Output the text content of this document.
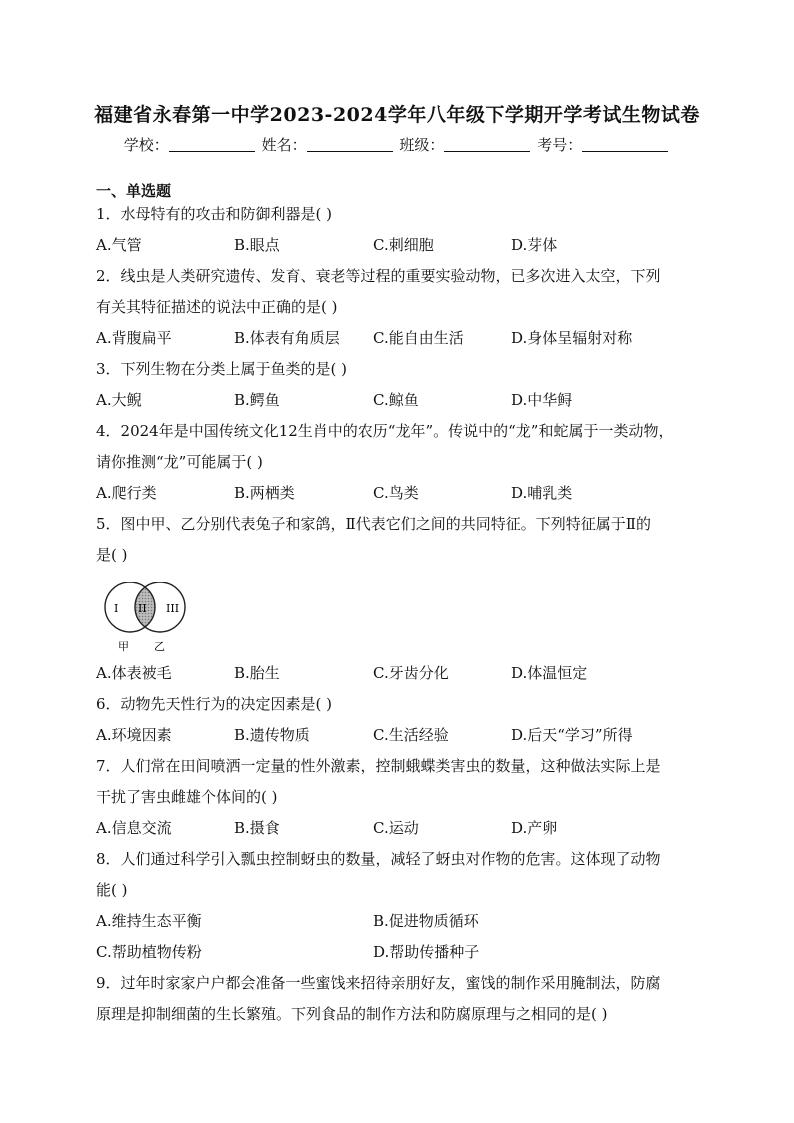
福建省永春第一中学2023-2024学年八年级下学期开学考试生物试卷
学校：	姓名：	班级：	考号：
一、单选题
1．水母特有的攻击和防御利器是( )
A.气管	B.眼点	C.刺细胞	D.芽体
2．线虫是人类研究遗传、发育、衰老等过程的重要实验动物，已多次进入太空，下列
有关其特征描述的说法中正确的是( )
A.背腹扁平	B.体表有角质层 C.能自由生活	D.身体呈辐射对称
3．下列生物在分类上属于鱼类的是( )
A.大鲵	B.鳄鱼	C.鲸鱼	D.中华鲟
4．2024年是中国传统文化12生肖中的农历“龙年”。传说中的“龙”和蛇属于一类动物，
请你推测“龙”可能属于( )
A.爬行类	B.两栖类	C.鸟类	D.哺乳类
5．图中甲、乙分别代表兔子和家鸽，Ⅱ代表它们之间的共同特征。下列特征属于Ⅱ的
是( )
I II III
甲 乙
A.体表被毛	B.胎生	C.牙齿分化	D.体温恒定
6．动物先天性行为的决定因素是( )
A.环境因素	B.遗传物质	C.生活经验	D.后天“学习”所得
7．人们常在田间喷洒一定量的性外激素，控制蛾蝶类害虫的数量，这种做法实际上是
干扰了害虫雌雄个体间的( )
A.信息交流	B.摄食	C.运动	D.产卵
8．人们通过科学引入瓢虫控制蚜虫的数量，减轻了蚜虫对作物的危害。这体现了动物
能( )
A.维持生态平衡	B.促进物质循环
C.帮助植物传粉	D.帮助传播种子
9．过年时家家户户都会准备一些蜜饯来招待亲朋好友，蜜饯的制作采用腌制法，防腐
原理是抑制细菌的生长繁殖。下列食品的制作方法和防腐原理与之相同的是( )
